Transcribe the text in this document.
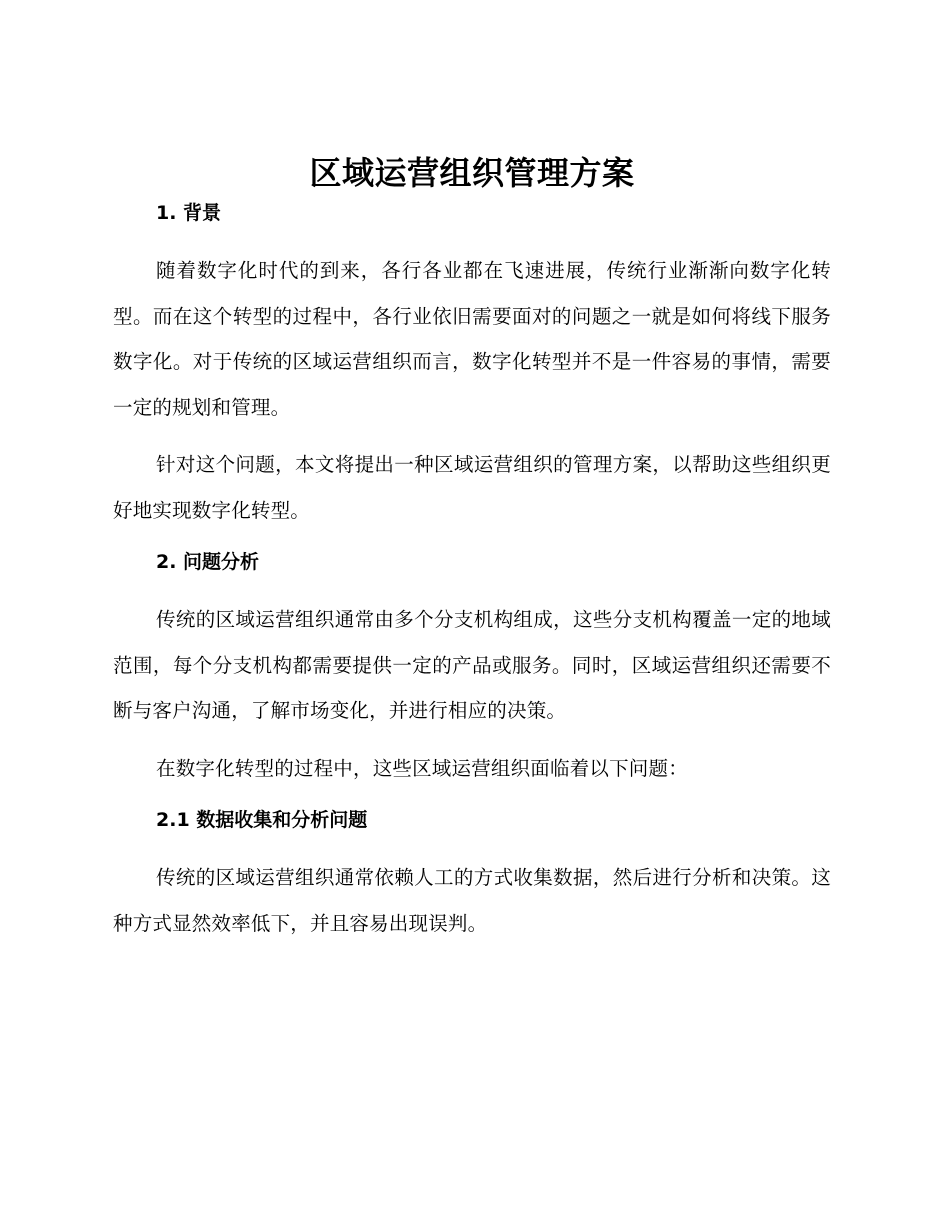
区域运营组织管理方案
1. 背景

随着数字化时代的到来，各行各业都在飞速进展，传统行业渐渐向数字化转型。而在这个转型的过程中，各行业依旧需要面对的问题之一就是如何将线下服务数字化。对于传统的区域运营组织而言，数字化转型并不是一件容易的事情，需要一定的规划和管理。

针对这个问题，本文将提出一种区域运营组织的管理方案，以帮助这些组织更好地实现数字化转型。

2. 问题分析

传统的区域运营组织通常由多个分支机构组成，这些分支机构覆盖一定的地域范围，每个分支机构都需要提供一定的产品或服务。同时，区域运营组织还需要不断与客户沟通，了解市场变化，并进行相应的决策。

在数字化转型的过程中，这些区域运营组织面临着以下问题：

2.1 数据收集和分析问题

传统的区域运营组织通常依赖人工的方式收集数据，然后进行分析和决策。这种方式显然效率低下，并且容易出现误判。
